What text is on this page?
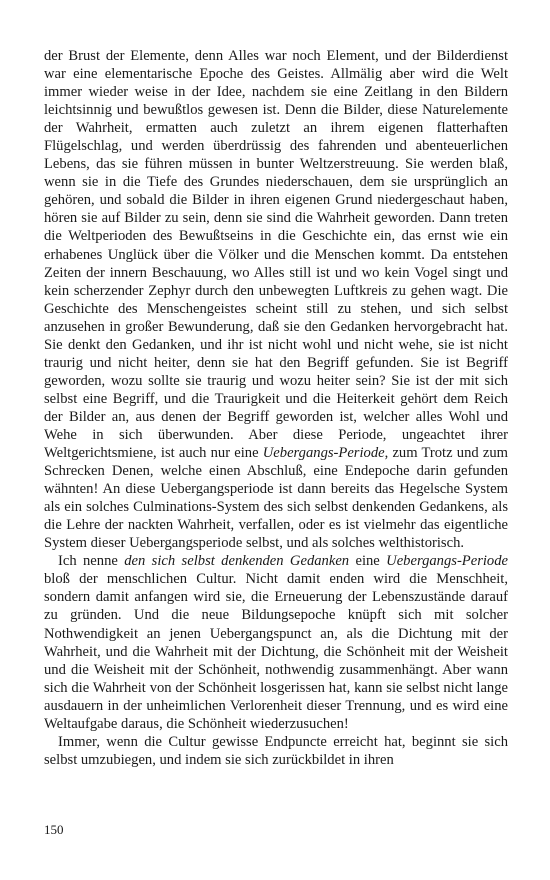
der Brust der Elemente, denn Alles war noch Element, und der Bilderdienst war eine elementarische Epoche des Geistes. Allmälig aber wird die Welt immer wieder weise in der Idee, nachdem sie eine Zeitlang in den Bildern leichtsinnig und bewußtlos gewesen ist. Denn die Bilder, diese Naturelemente der Wahrheit, ermatten auch zuletzt an ihrem eigenen flatterhaften Flügelschlag, und werden überdrüssig des fahrenden und abenteuerlichen Lebens, das sie führen müssen in bunter Weltzerstreuung. Sie werden blaß, wenn sie in die Tiefe des Grundes niederschauen, dem sie ursprünglich an gehören, und sobald die Bilder in ihren eigenen Grund niedergeschaut haben, hören sie auf Bilder zu sein, denn sie sind die Wahrheit geworden. Dann treten die Weltperioden des Bewußtseins in die Geschichte ein, das ernst wie ein erhabenes Unglück über die Völker und die Menschen kommt. Da entstehen Zeiten der innern Beschauung, wo Alles still ist und wo kein Vogel singt und kein scherzender Zephyr durch den unbewegten Luftkreis zu gehen wagt. Die Geschichte des Menschengeistes scheint still zu stehen, und sich selbst anzusehen in großer Bewunderung, daß sie den Gedanken hervorgebracht hat. Sie denkt den Gedanken, und ihr ist nicht wohl und nicht wehe, sie ist nicht traurig und nicht heiter, denn sie hat den Begriff gefunden. Sie ist Begriff geworden, wozu sollte sie traurig und wozu heiter sein? Sie ist der mit sich selbst eine Begriff, und die Traurigkeit und die Heiterkeit gehört dem Reich der Bilder an, aus denen der Begriff geworden ist, welcher alles Wohl und Wehe in sich überwunden. Aber diese Periode, ungeachtet ihrer Weltgerichtsmiene, ist auch nur eine Uebergangs-Periode, zum Trotz und zum Schrecken Denen, welche einen Abschluß, eine Endepoche darin gefunden wähnten! An diese Uebergangsperiode ist dann bereits das Hegelsche System als ein solches Culminations-System des sich selbst denkenden Gedankens, als die Lehre der nackten Wahrheit, verfallen, oder es ist vielmehr das eigentliche System dieser Uebergangsperiode selbst, und als solches welthistorisch.

Ich nenne den sich selbst denkenden Gedanken eine Uebergangs-Periode bloß der menschlichen Cultur. Nicht damit enden wird die Menschheit, sondern damit anfangen wird sie, die Erneuerung der Lebenszustände darauf zu gründen. Und die neue Bildungsepoche knüpft sich mit solcher Nothwendigkeit an jenen Uebergangspunct an, als die Dichtung mit der Wahrheit, und die Wahrheit mit der Dichtung, die Schönheit mit der Weisheit und die Weisheit mit der Schönheit, nothwendig zusammenhängt. Aber wann sich die Wahrheit von der Schönheit losgerissen hat, kann sie selbst nicht lange ausdauern in der unheimlichen Verlorenheit dieser Trennung, und es wird eine Weltaufgabe daraus, die Schönheit wiederzusuchen!

Immer, wenn die Cultur gewisse Endpuncte erreicht hat, beginnt sie sich selbst umzubiegen, und indem sie sich zurückbildet in ihren

150
